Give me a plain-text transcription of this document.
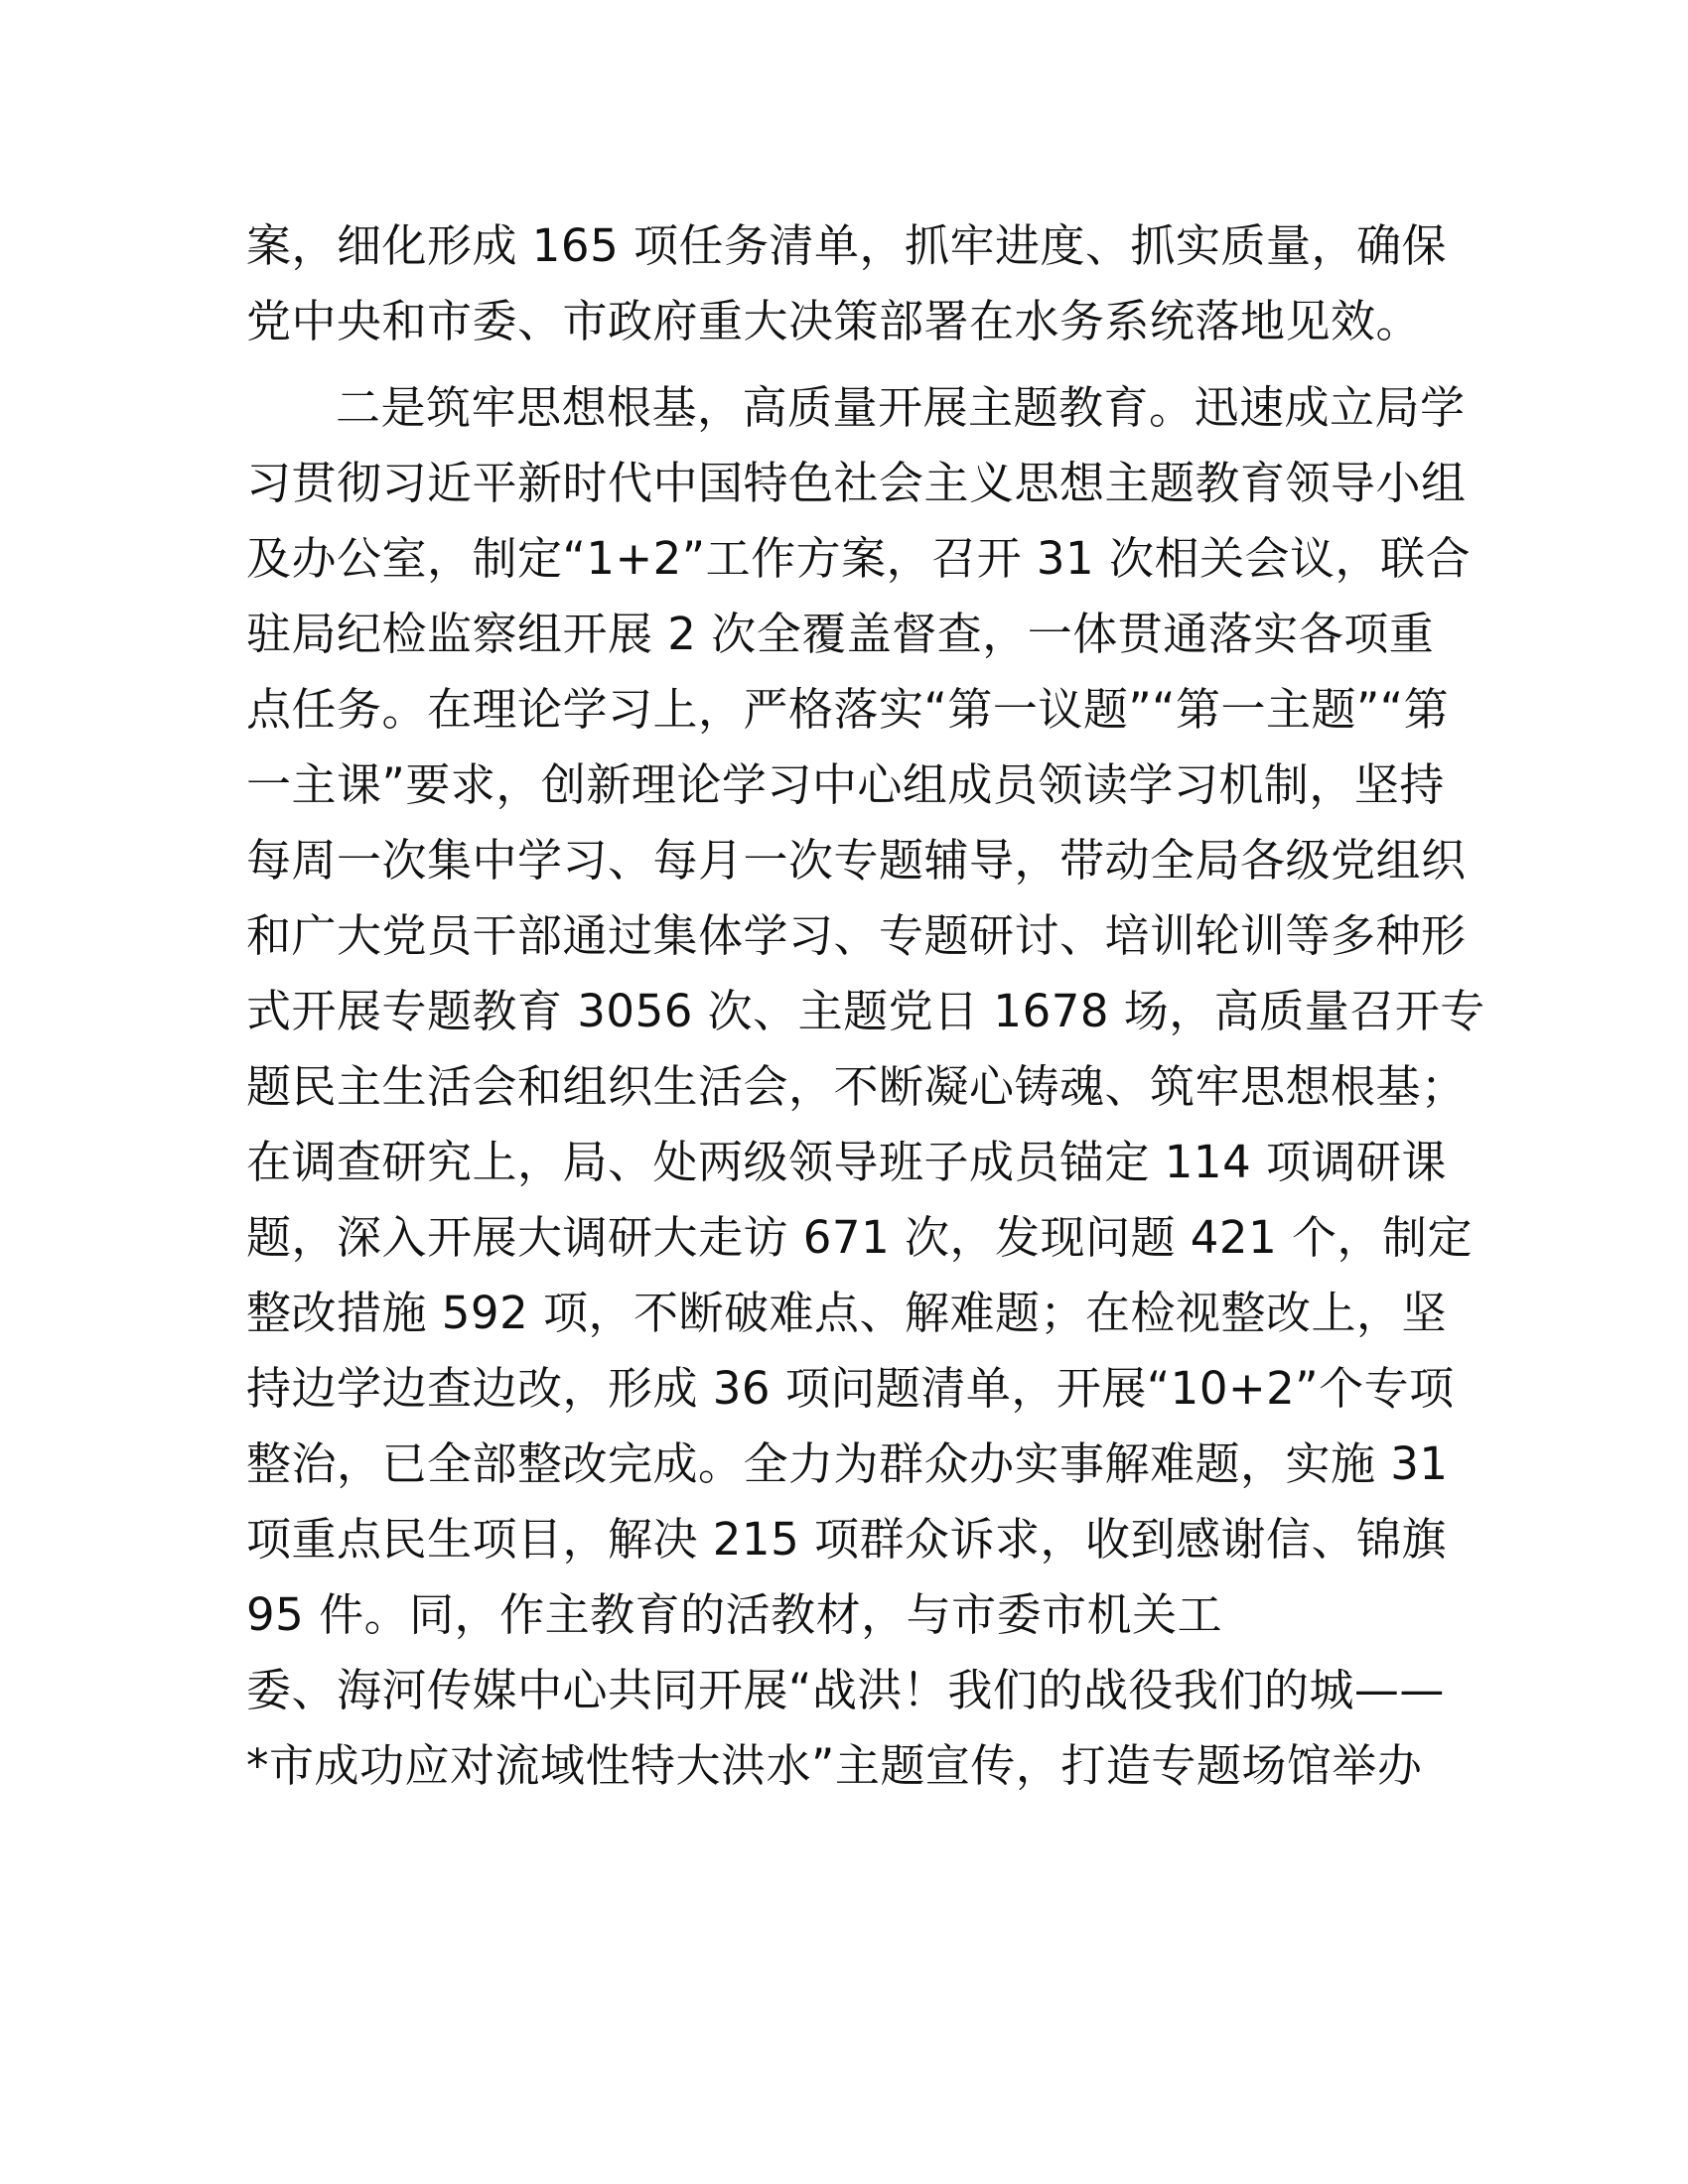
案，细化形成 165 项任务清单，抓牢进度、抓实质量，确保
党中央和市委、市政府重大决策部署在水务系统落地见效。
二是筑牢思想根基，高质量开展主题教育。迅速成立局学
习贯彻习近平新时代中国特色社会主义思想主题教育领导小组
及办公室，制定“1+2”工作方案，召开 31 次相关会议，联合
驻局纪检监察组开展 2 次全覆盖督查，一体贯通落实各项重
点任务。在理论学习上，严格落实“第一议题”“第一主题”“第
一主课”要求，创新理论学习中心组成员领读学习机制，坚持
每周一次集中学习、每月一次专题辅导，带动全局各级党组织
和广大党员干部通过集体学习、专题研讨、培训轮训等多种形
式开展专题教育 3056 次、主题党日 1678 场，高质量召开专
题民主生活会和组织生活会，不断凝心铸魂、筑牢思想根基；
在调查研究上，局、处两级领导班子成员锚定 114 项调研课
题，深入开展大调研大走访 671 次，发现问题 421 个，制定
整改措施 592 项，不断破难点、解难题；在检视整改上，坚
持边学边查边改，形成 36 项问题清单，开展“10+2”个专项
整治，已全部整改完成。全力为群众办实事解难题，实施 31
项重点民生项目，解决 215 项群众诉求，收到感谢信、锦旗
95 件。同，作主教育的活教材，与市委市机关工
委、海河传媒中心共同开展“战洪！我们的战役我们的城——
*市成功应对流域性特大洪水”主题宣传，打造专题场馆举办
